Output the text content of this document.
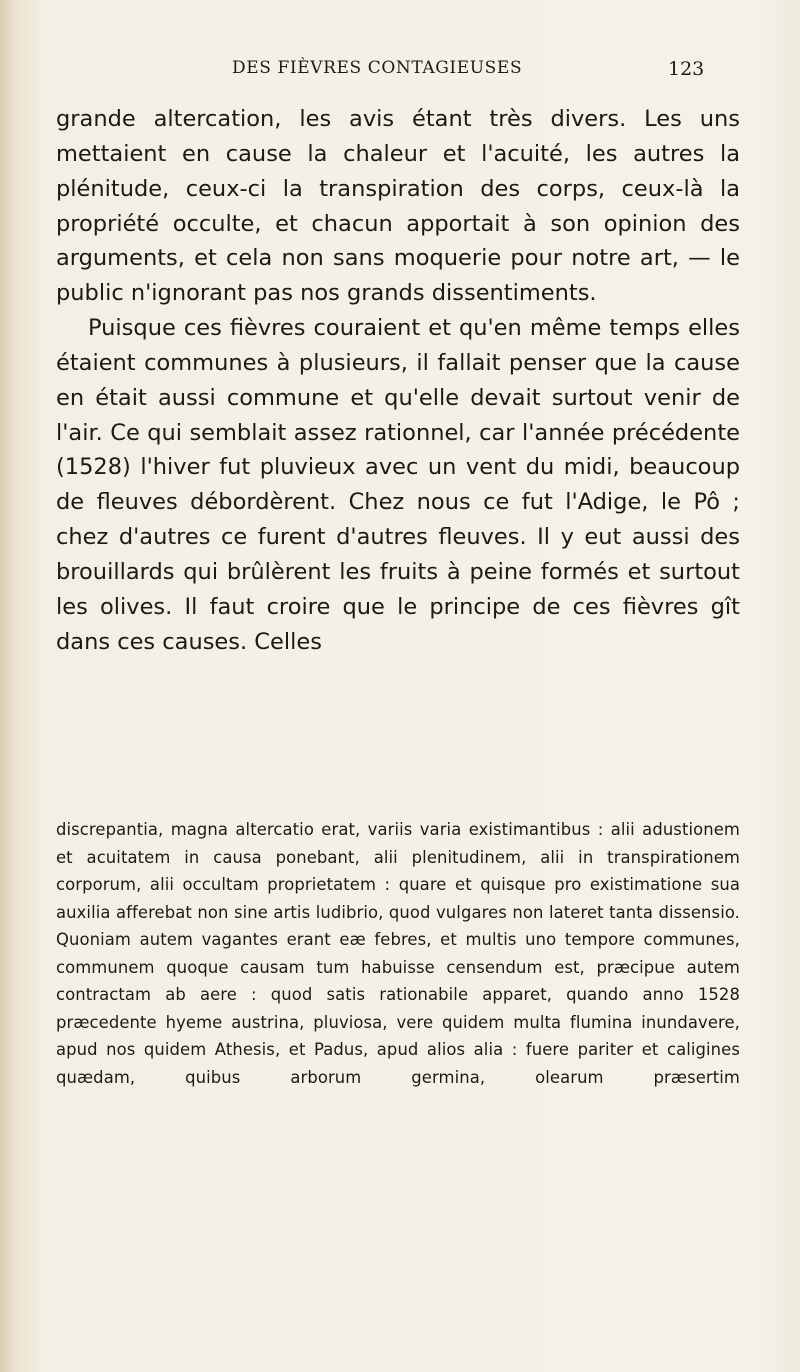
DES FIÈVRES CONTAGIEUSES	123

grande altercation, les avis étant très divers. Les uns mettaient en cause la chaleur et l'acuité, les autres la plénitude, ceux-ci la transpiration des corps, ceux-là la propriété occulte, et chacun apportait à son opinion des arguments, et cela non sans moquerie pour notre art, — le public n'ignorant pas nos grands dissentiments.

Puisque ces fièvres couraient et qu'en même temps elles étaient communes à plusieurs, il fallait penser que la cause en était aussi commune et qu'elle devait surtout venir de l'air. Ce qui semblait assez rationnel, car l'année précédente (1528) l'hiver fut pluvieux avec un vent du midi, beaucoup de fleuves débordèrent. Chez nous ce fut l'Adige, le Pô ; chez d'autres ce furent d'autres fleuves. Il y eut aussi des brouillards qui brûlèrent les fruits à peine formés et surtout les olives. Il faut croire que le principe de ces fièvres gît dans ces causes. Celles

discrepantia, magna altercatio erat, variis varia existimantibus : alii adustionem et acuitatem in causa ponebant, alii plenitudinem, alii in transpirationem corporum, alii occultam proprietatem : quare et quisque pro existimatione sua auxilia afferebat non sine artis ludibrio, quod vulgares non lateret tanta dissensio. Quoniam autem vagantes erant eæ febres, et multis uno tempore communes, communem quoque causam tum habuisse censendum est, præcipue autem contractam ab aere : quod satis rationabile apparet, quando anno 1528 præcedente hyeme austrina, pluviosa, vere quidem multa flumina inundavere, apud nos quidem Athesis, et Padus, apud alios alia : fuere pariter et caligines quædam, quibus arborum germina, olearum præsertim
